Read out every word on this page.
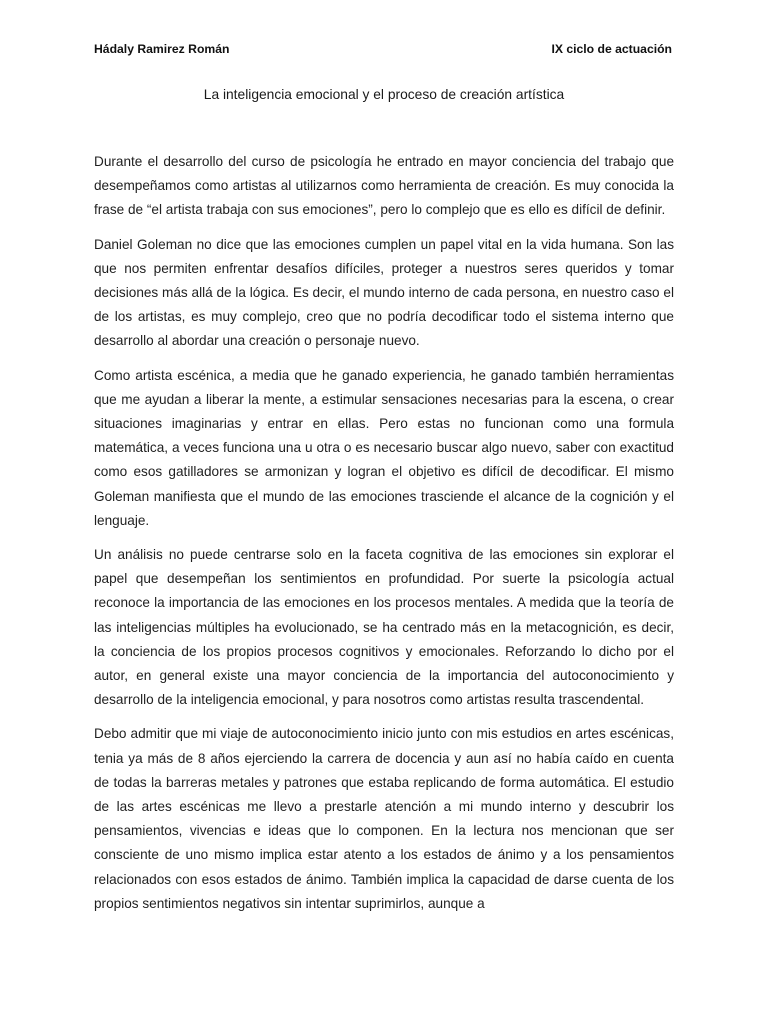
Hádaly Ramirez Román	IX ciclo de actuación
La inteligencia emocional y el proceso de creación artística

Durante el desarrollo del curso de psicología he entrado en mayor conciencia del trabajo que desempeñamos como artistas al utilizarnos como herramienta de creación. Es muy conocida la frase de “el artista trabaja con sus emociones”, pero lo complejo que es ello es difícil de definir.

Daniel Goleman no dice que las emociones cumplen un papel vital en la vida humana. Son las que nos permiten enfrentar desafíos difíciles, proteger a nuestros seres queridos y tomar decisiones más allá de la lógica. Es decir, el mundo interno de cada persona, en nuestro caso el de los artistas, es muy complejo, creo que no podría decodificar todo el sistema interno que desarrollo al abordar una creación o personaje nuevo.

Como artista escénica, a media que he ganado experiencia, he ganado también herramientas que me ayudan a liberar la mente, a estimular sensaciones necesarias para la escena, o crear situaciones imaginarias y entrar en ellas. Pero estas no funcionan como una formula matemática, a veces funciona una u otra o es necesario buscar algo nuevo, saber con exactitud como esos gatilladores se armonizan y logran el objetivo es difícil de decodificar. El mismo Goleman manifiesta que el mundo de las emociones trasciende el alcance de la cognición y el lenguaje.

Un análisis no puede centrarse solo en la faceta cognitiva de las emociones sin explorar el papel que desempeñan los sentimientos en profundidad. Por suerte la psicología actual reconoce la importancia de las emociones en los procesos mentales. A medida que la teoría de las inteligencias múltiples ha evolucionado, se ha centrado más en la metacognición, es decir, la conciencia de los propios procesos cognitivos y emocionales. Reforzando lo dicho por el autor, en general existe una mayor conciencia de la importancia del autoconocimiento y desarrollo de la inteligencia emocional, y para nosotros como artistas resulta trascendental.

Debo admitir que mi viaje de autoconocimiento inicio junto con mis estudios en artes escénicas, tenia ya más de 8 años ejerciendo la carrera de docencia y aun así no había caído en cuenta de todas la barreras metales y patrones que estaba replicando de forma automática. El estudio de las artes escénicas me llevo a prestarle atención a mi mundo interno y descubrir los pensamientos, vivencias e ideas que lo componen. En la lectura nos mencionan que ser consciente de uno mismo implica estar atento a los estados de ánimo y a los pensamientos relacionados con esos estados de ánimo. También implica la capacidad de darse cuenta de los propios sentimientos negativos sin intentar suprimirlos, aunque a
